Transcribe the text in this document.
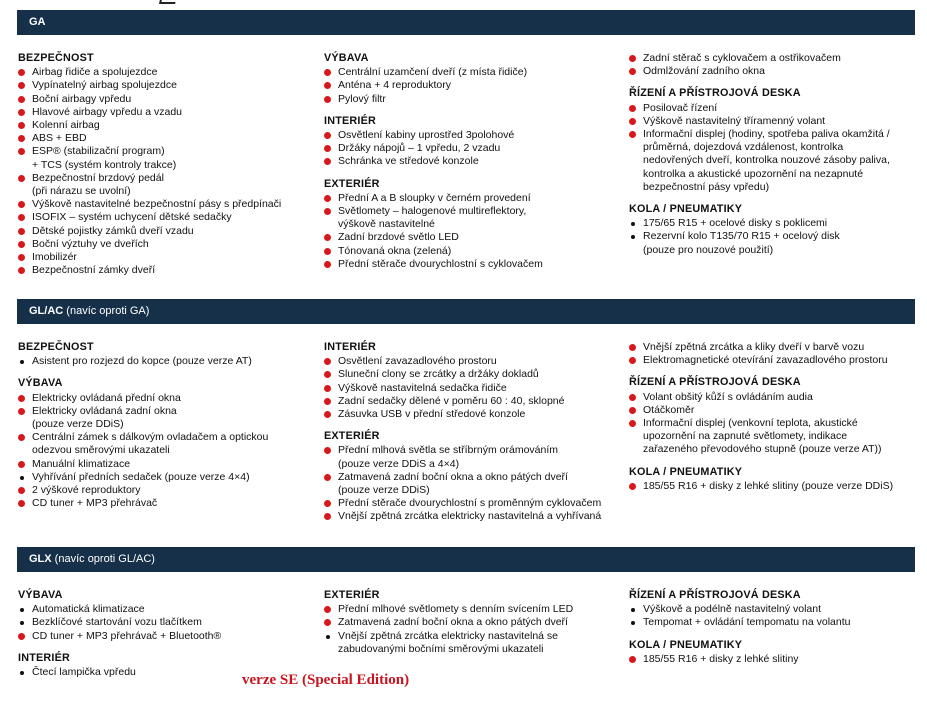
GA
BEZPEČNOST
Airbag řidiče a spolujezdce
Vypínatelný airbag spolujezdce
Boční airbagy vpředu
Hlavové airbagy vpředu a vzadu
Kolenní airbag
ABS + EBD
ESP® (stabilizační program)
+ TCS (systém kontroly trakce)
Bezpečnostní brzdový pedál
(při nárazu se uvolní)
Výškově nastavitelné bezpečnostní pásy s předpínači
ISOFIX – systém uchycení dětské sedačky
Dětské pojistky zámků dveří vzadu
Boční výztuhy ve dveřích
Imobilizér
Bezpečnostní zámky dveří
VÝBAVA
Centrální uzamčení dveří (z místa řidiče)
Anténa + 4 reproduktory
Pylový filtr
INTERIÉR
Osvětlení kabiny uprostřed 3polohové
Držáky nápojů – 1 vpředu, 2 vzadu
Schránka ve středové konzole
EXTERIÉR
Přední A a B sloupky v černém provedení
Světlomety – halogenové multireflektory,
výškově nastavitelné
Zadní brzdové světlo LED
Tónovaná okna (zelená)
Přední stěrače dvourychlostní s cyklovačem
Zadní stěrač s cyklovačem a ostřikovačem
Odmlžování zadního okna
ŘÍZENÍ A PŘÍSTROJOVÁ DESKA
Posilovač řízení
Výškově nastavitelný tříramenný volant
Informační displej (hodiny, spotřeba paliva okamžitá /
průměrná, dojezdová vzdálenost, kontrolka
nedovřených dveří, kontrolka nouzové zásoby paliva,
kontrolka a akustické upozornění na nezapnuté
bezpečnostní pásy vpředu)
KOLA / PNEUMATIKY
175/65 R15 + ocelové disky s poklicemi
Rezervní kolo T135/70 R15 + ocelový disk
(pouze pro nouzové použití)
GL/AC (navíc oproti GA)
BEZPEČNOST
Asistent pro rozjezd do kopce (pouze verze AT)
VÝBAVA
Elektricky ovládaná přední okna
Elektricky ovládaná zadní okna
(pouze verze DDiS)
Centrální zámek s dálkovým ovladačem a optickou
odezvou směrovými ukazateli
Manuální klimatizace
Vyhřívání předních sedaček (pouze verze 4×4)
2 výškové reproduktory
CD tuner + MP3 přehrávač
INTERIÉR
Osvětlení zavazadlového prostoru
Sluneční clony se zrcátky a držáky dokladů
Výškově nastavitelná sedačka řidiče
Zadní sedačky dělené v poměru 60 : 40, sklopné
Zásuvka USB v přední středové konzole
EXTERIÉR
Přední mlhová světla se stříbrným orámováním
(pouze verze DDiS a 4×4)
Zatmavená zadní boční okna a okno pátých dveří
(pouze verze DDiS)
Přední stěrače dvourychlostní s proměnným cyklovačem
Vnější zpětná zrcátka elektricky nastavitelná a vyhřívaná
Vnější zpětná zrcátka a kliky dveří v barvě vozu
Elektromagnetické otevírání zavazadlového prostoru
ŘÍZENÍ A PŘÍSTROJOVÁ DESKA
Volant obšitý kůží s ovládáním audia
Otáčkoměr
Informační displej (venkovní teplota, akustické
upozornění na zapnuté světlomety, indikace
zařazeného převodového stupně (pouze verze AT))
KOLA / PNEUMATIKY
185/55 R16 + disky z lehké slitiny (pouze verze DDiS)
GLX (navíc oproti GL/AC)
VÝBAVA
Automatická klimatizace
Bezklíčové startování vozu tlačítkem
CD tuner + MP3 přehrávač + Bluetooth®
INTERIÉR
Čtecí lampička vpředu
EXTERIÉR
Přední mlhové světlomety s denním svícením LED
Zatmavená zadní boční okna a okno pátých dveří
Vnější zpětná zrcátka elektricky nastavitelná se
zabudovanými bočními směrovými ukazateli
ŘÍZENÍ A PŘÍSTROJOVÁ DESKA
Výškově a podélně nastavitelný volant
Tempomat + ovládání tempomatu na volantu
KOLA / PNEUMATIKY
185/55 R16 + disky z lehké slitiny
verze SE (Special Edition)
